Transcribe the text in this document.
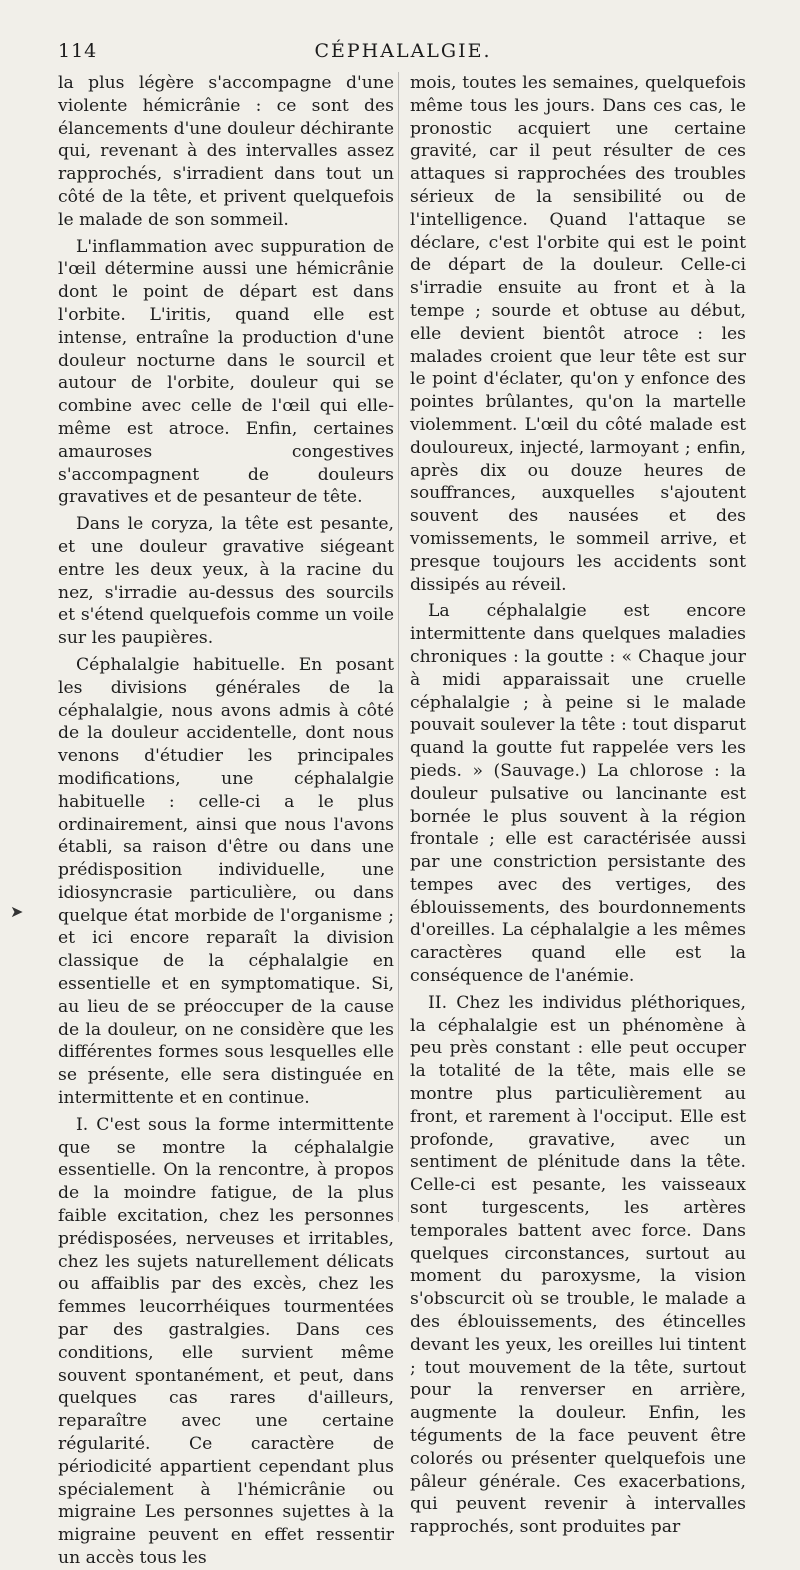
114	CÉPHALALGIE.

la plus légère s'accompagne d'une violente hémicrânie : ce sont des élancements d'une douleur déchirante qui, revenant à des intervalles assez rapprochés, s'irradient dans tout un côté de la tête, et privent quelquefois le malade de son sommeil.

L'inflammation avec suppuration de l'œil détermine aussi une hémicrânie dont le point de départ est dans l'orbite. L'iritis, quand elle est intense, entraîne la production d'une douleur nocturne dans le sourcil et autour de l'orbite, douleur qui se combine avec celle de l'œil qui elle-même est atroce. Enfin, certaines amauroses congestives s'accompagnent de douleurs gravatives et de pesanteur de tête.

Dans le coryza, la tête est pesante, et une douleur gravative siégeant entre les deux yeux, à la racine du nez, s'irradie au-dessus des sourcils et s'étend quelquefois comme un voile sur les paupières.

Céphalalgie habituelle. En posant les divisions générales de la céphalalgie, nous avons admis à côté de la douleur accidentelle, dont nous venons d'étudier les principales modifications, une céphalalgie habituelle : celle-ci a le plus ordinairement, ainsi que nous l'avons établi, sa raison d'être ou dans une prédisposition individuelle, une idiosyncrasie particulière, ou dans quelque état morbide de l'organisme ; et ici encore reparaît la division classique de la céphalalgie en essentielle et en symptomatique. Si, au lieu de se préoccuper de la cause de la douleur, on ne considère que les différentes formes sous lesquelles elle se présente, elle sera distinguée en intermittente et en continue.

I. C'est sous la forme intermittente que se montre la céphalalgie essentielle. On la rencontre, à propos de la moindre fatigue, de la plus faible excitation, chez les personnes prédisposées, nerveuses et irritables, chez les sujets naturellement délicats ou affaiblis par des excès, chez les femmes leucorrhéiques tourmentées par des gastralgies. Dans ces conditions, elle survient même souvent spontanément, et peut, dans quelques cas rares d'ailleurs, reparaître avec une certaine régularité. Ce caractère de périodicité appartient cependant plus spécialement à l'hémicrânie ou migraine Les personnes sujettes à la migraine peuvent en effet ressentir un accès tous les

mois, toutes les semaines, quelquefois même tous les jours. Dans ces cas, le pronostic acquiert une certaine gravité, car il peut résulter de ces attaques si rapprochées des troubles sérieux de la sensibilité ou de l'intelligence. Quand l'attaque se déclare, c'est l'orbite qui est le point de départ de la douleur. Celle-ci s'irradie ensuite au front et à la tempe ; sourde et obtuse au début, elle devient bientôt atroce : les malades croient que leur tête est sur le point d'éclater, qu'on y enfonce des pointes brûlantes, qu'on la martelle violemment. L'œil du côté malade est douloureux, injecté, larmoyant ; enfin, après dix ou douze heures de souffrances, auxquelles s'ajoutent souvent des nausées et des vomissements, le sommeil arrive, et presque toujours les accidents sont dissipés au réveil.

La céphalalgie est encore intermittente dans quelques maladies chroniques : la goutte : « Chaque jour à midi apparaissait une cruelle céphalalgie ; à peine si le malade pouvait soulever la tête : tout disparut quand la goutte fut rappelée vers les pieds. » (Sauvage.) La chlorose : la douleur pulsative ou lancinante est bornée le plus souvent à la région frontale ; elle est caractérisée aussi par une constriction persistante des tempes avec des vertiges, des éblouissements, des bourdonnements d'oreilles. La céphalalgie a les mêmes caractères quand elle est la conséquence de l'anémie.

II. Chez les individus pléthoriques, la céphalalgie est un phénomène à peu près constant : elle peut occuper la totalité de la tête, mais elle se montre plus particulièrement au front, et rarement à l'occiput. Elle est profonde, gravative, avec un sentiment de plénitude dans la tête. Celle-ci est pesante, les vaisseaux sont turgescents, les artères temporales battent avec force. Dans quelques circonstances, surtout au moment du paroxysme, la vision s'obscurcit où se trouble, le malade a des éblouissements, des étincelles devant les yeux, les oreilles lui tintent ; tout mouvement de la tête, surtout pour la renverser en arrière, augmente la douleur. Enfin, les téguments de la face peuvent être colorés ou présenter quelquefois une pâleur générale. Ces exacerbations, qui peuvent revenir à intervalles rapprochés, sont produites par

➤
